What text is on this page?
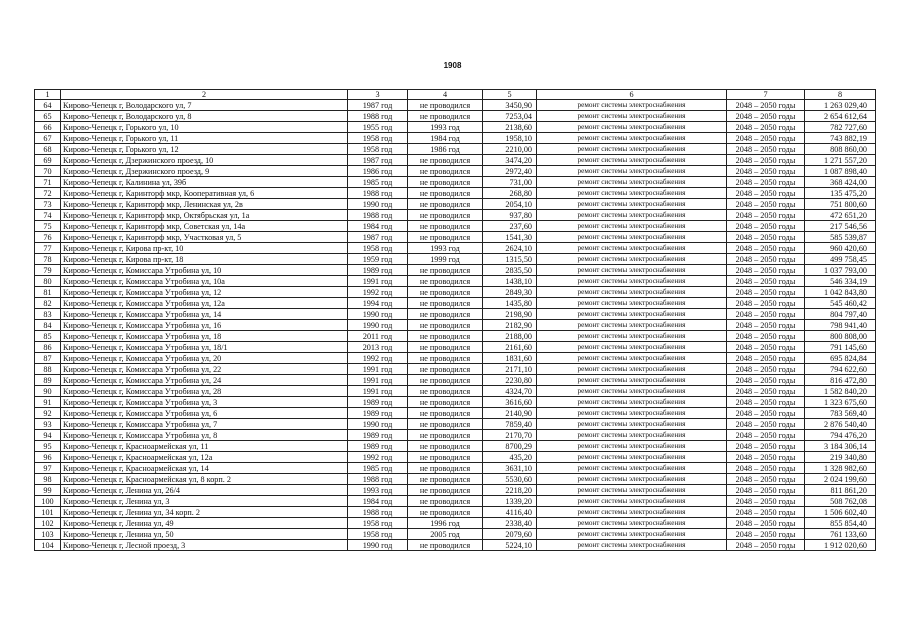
1908
1	2	3	4	5	6	7	8
64	Кирово-Чепецк г, Володарского ул, 7	1987 год	не проводился	3450,90	ремонт системы электроснабжения	2048 – 2050 годы	1 263 029,40
65	Кирово-Чепецк г, Володарского ул, 8	1988 год	не проводился	7253,04	ремонт системы электроснабжения	2048 – 2050 годы	2 654 612,64
66	Кирово-Чепецк г, Горького ул, 10	1955 год	1993 год	2138,60	ремонт системы электроснабжения	2048 – 2050 годы	782 727,60
67	Кирово-Чепецк г, Горького ул, 11	1958 год	1984 год	1958,10	ремонт системы электроснабжения	2048 – 2050 годы	743 882,19
68	Кирово-Чепецк г, Горького ул, 12	1958 год	1986 год	2210,00	ремонт системы электроснабжения	2048 – 2050 годы	808 860,00
69	Кирово-Чепецк г, Дзержинского проезд, 10	1987 год	не проводился	3474,20	ремонт системы электроснабжения	2048 – 2050 годы	1 271 557,20
70	Кирово-Чепецк г, Дзержинского проезд, 9	1986 год	не проводился	2972,40	ремонт системы электроснабжения	2048 – 2050 годы	1 087 898,40
71	Кирово-Чепецк г, Калинина ул, 39б	1985 год	не проводился	731,00	ремонт системы электроснабжения	2048 – 2050 годы	368 424,00
72	Кирово-Чепецк г, Каринторф мкр, Кооперативная ул, 6	1988 год	не проводился	268,80	ремонт системы электроснабжения	2048 – 2050 годы	135 475,20
73	Кирово-Чепецк г, Каринторф мкр, Ленинская ул, 2в	1990 год	не проводился	2054,10	ремонт системы электроснабжения	2048 – 2050 годы	751 800,60
74	Кирово-Чепецк г, Каринторф мкр, Октябрьская ул, 1а	1988 год	не проводился	937,80	ремонт системы электроснабжения	2048 – 2050 годы	472 651,20
75	Кирово-Чепецк г, Каринторф мкр, Советская ул, 14а	1984 год	не проводился	237,60	ремонт системы электроснабжения	2048 – 2050 годы	217 546,56
76	Кирово-Чепецк г, Каринторф мкр, Участковая ул, 5	1987 год	не проводился	1541,30	ремонт системы электроснабжения	2048 – 2050 годы	585 539,87
77	Кирово-Чепецк г, Кирова пр-кт, 10	1958 год	1993 год	2624,10	ремонт системы электроснабжения	2048 – 2050 годы	960 420,60
78	Кирово-Чепецк г, Кирова пр-кт, 18	1959 год	1999 год	1315,50	ремонт системы электроснабжения	2048 – 2050 годы	499 758,45
79	Кирово-Чепецк г, Комиссара Утробина ул, 10	1989 год	не проводился	2835,50	ремонт системы электроснабжения	2048 – 2050 годы	1 037 793,00
80	Кирово-Чепецк г, Комиссара Утробина ул, 10а	1991 год	не проводился	1438,10	ремонт системы электроснабжения	2048 – 2050 годы	546 334,19
81	Кирово-Чепецк г, Комиссара Утробина ул, 12	1992 год	не проводился	2849,30	ремонт системы электроснабжения	2048 – 2050 годы	1 042 843,80
82	Кирово-Чепецк г, Комиссара Утробина ул, 12а	1994 год	не проводился	1435,80	ремонт системы электроснабжения	2048 – 2050 годы	545 460,42
83	Кирово-Чепецк г, Комиссара Утробина ул, 14	1990 год	не проводился	2198,90	ремонт системы электроснабжения	2048 – 2050 годы	804 797,40
84	Кирово-Чепецк г, Комиссара Утробина ул, 16	1990 год	не проводился	2182,90	ремонт системы электроснабжения	2048 – 2050 годы	798 941,40
85	Кирово-Чепецк г, Комиссара Утробина ул, 18	2011 год	не проводился	2188,00	ремонт системы электроснабжения	2048 – 2050 годы	800 808,00
86	Кирово-Чепецк г, Комиссара Утробина ул, 18/1	2013 год	не проводился	2161,60	ремонт системы электроснабжения	2048 – 2050 годы	791 145,60
87	Кирово-Чепецк г, Комиссара Утробина ул, 20	1992 год	не проводился	1831,60	ремонт системы электроснабжения	2048 – 2050 годы	695 824,84
88	Кирово-Чепецк г, Комиссара Утробина ул, 22	1991 год	не проводился	2171,10	ремонт системы электроснабжения	2048 – 2050 годы	794 622,60
89	Кирово-Чепецк г, Комиссара Утробина ул, 24	1991 год	не проводился	2230,80	ремонт системы электроснабжения	2048 – 2050 годы	816 472,80
90	Кирово-Чепецк г, Комиссара Утробина ул, 28	1991 год	не проводился	4324,70	ремонт системы электроснабжения	2048 – 2050 годы	1 582 840,20
91	Кирово-Чепецк г, Комиссара Утробина ул, 3	1989 год	не проводился	3616,60	ремонт системы электроснабжения	2048 – 2050 годы	1 323 675,60
92	Кирово-Чепецк г, Комиссара Утробина ул, 6	1989 год	не проводился	2140,90	ремонт системы электроснабжения	2048 – 2050 годы	783 569,40
93	Кирово-Чепецк г, Комиссара Утробина ул, 7	1990 год	не проводился	7859,40	ремонт системы электроснабжения	2048 – 2050 годы	2 876 540,40
94	Кирово-Чепецк г, Комиссара Утробина ул, 8	1989 год	не проводился	2170,70	ремонт системы электроснабжения	2048 – 2050 годы	794 476,20
95	Кирово-Чепецк г, Красноармейская ул, 11	1989 год	не проводился	8700,29	ремонт системы электроснабжения	2048 – 2050 годы	3 184 306,14
96	Кирово-Чепецк г, Красноармейская ул, 12а	1992 год	не проводился	435,20	ремонт системы электроснабжения	2048 – 2050 годы	219 340,80
97	Кирово-Чепецк г, Красноармейская ул, 14	1985 год	не проводился	3631,10	ремонт системы электроснабжения	2048 – 2050 годы	1 328 982,60
98	Кирово-Чепецк г, Красноармейская ул, 8 корп. 2	1988 год	не проводился	5530,60	ремонт системы электроснабжения	2048 – 2050 годы	2 024 199,60
99	Кирово-Чепецк г, Ленина ул, 26/4	1993 год	не проводился	2218,20	ремонт системы электроснабжения	2048 – 2050 годы	811 861,20
100	Кирово-Чепецк г, Ленина ул, 3	1984 год	не проводился	1339,20	ремонт системы электроснабжения	2048 – 2050 годы	508 762,08
101	Кирово-Чепецк г, Ленина ул, 34 корп. 2	1988 год	не проводился	4116,40	ремонт системы электроснабжения	2048 – 2050 годы	1 506 602,40
102	Кирово-Чепецк г, Ленина ул, 49	1958 год	1996 год	2338,40	ремонт системы электроснабжения	2048 – 2050 годы	855 854,40
103	Кирово-Чепецк г, Ленина ул, 50	1958 год	2005 год	2079,60	ремонт системы электроснабжения	2048 – 2050 годы	761 133,60
104	Кирово-Чепецк г, Лесной проезд, 3	1990 год	не проводился	5224,10	ремонт системы электроснабжения	2048 – 2050 годы	1 912 020,60
